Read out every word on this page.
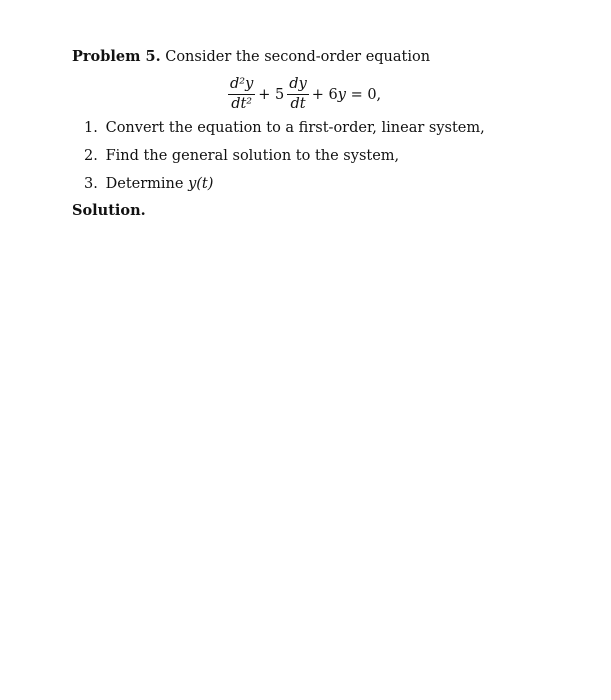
Problem 5. Consider the second-order equation
$\frac{\text{d²y}}{\text{dt²}} + 5 \frac{dy}{dt} + 6y = 0$,
1. Convert the equation to a first-order, linear system,
2. Find the general solution to the system,
3. Determine y(t)
Solution.
